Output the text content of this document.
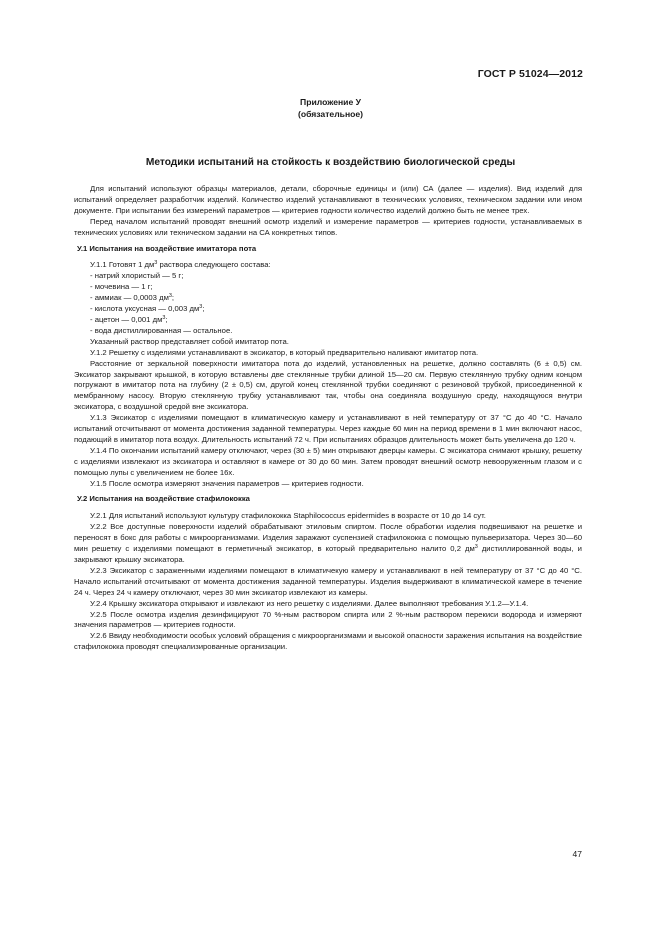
ГОСТ Р 51024—2012
Приложение У
(обязательное)
Методики испытаний на стойкость к воздействию биологической среды

Для испытаний используют образцы материалов, детали, сборочные единицы и (или) СА (далее — изделия). Вид изделий для испытаний определяет разработчик изделий. Количество изделий устанавливают в технических условиях, техническом задании или ином документе. При испытании без измерений параметров — критериев годности количество изделий должно быть не менее трех.

Перед началом испытаний проводят внешний осмотр изделий и измерение параметров — критериев годности, устанавливаемых в технических условиях или техническом задании на СА конкретных типов.

У.1 Испытания на воздействие имитатора пота

У.1.1 Готовят 1 $дм^3$ раствора следующего состава:

- натрий хлористый — 5 г;

- мочевина — 1 г;

- аммиак — 0,0003 $дм^3$;

- кислота уксусная — 0,003 $дм^3$;

- ацетон — 0,001 $дм^3$;

- вода дистиллированная — остальное.

Указанный раствор представляет собой имитатор пота.

У.1.2 Решетку с изделиями устанавливают в эксикатор, в который предварительно наливают имитатор пота.

Расстояние от зеркальной поверхности имитатора пота до изделий, установленных на решетке, должно составлять (6 ± 0,5) см. Эксикатор закрывают крышкой, в которую вставлены две стеклянные трубки длиной 15—20 см. Первую стеклянную трубку одним концом погружают в имитатор пота на глубину (2 ± 0,5) см, другой конец стеклянной трубки соединяют с резиновой трубкой, присоединенной к мембранному насосу. Вторую стеклянную трубку устанавливают так, чтобы она соединяла воздушную среду, находящуюся внутри эксикатора, с воздушной средой вне эксикатора.

У.1.3 Эксикатор с изделиями помещают в климатическую камеру и устанавливают в ней температуру от 37 °С до 40 °С. Начало испытаний отсчитывают от момента достижения заданной температуры. Через каждые 60 мин на период времени в 1 мин включают насос, подающий в имитатор пота воздух. Длительность испытаний 72 ч. При испытаниях образцов длительность может быть увеличена до 120 ч.

У.1.4 По окончании испытаний камеру отключают, через (30 ± 5) мин открывают дверцы камеры. С эксикатора снимают крышку, решетку с изделиями извлекают из эксикатора и оставляют в камере от 30 до 60 мин. Затем проводят внешний осмотр невооруженным глазом и с помощью лупы с увеличением не более 16х.

У.1.5 После осмотра измеряют значения параметров — критериев годности.

У.2 Испытания на воздействие стафилококка

У.2.1 Для испытаний используют культуру стафилококка Staphilococcus epidermides в возрасте от 10 до 14 сут.

У.2.2 Все доступные поверхности изделий обрабатывают этиловым спиртом. После обработки изделия подвешивают на решетке и переносят в бокс для работы с микроорганизмами. Изделия заражают суспензией стафилококка с помощью пульверизатора. Через 30—60 мин решетку с изделиями помещают в герметичный эксикатор, в который предварительно налито 0,2 $дм^3$ дистиллированной воды, и закрывают крышку эксикатора.

У.2.3 Эксикатор с зараженными изделиями помещают в климатичекую камеру и устанавливают в ней температуру от 37 °С до 40 °С. Начало испытаний отсчитывают от момента достижения заданной температуры. Изделия выдерживают в климатической камере в течение 24 ч. Через 24 ч камеру отключают, через 30 мин эксикатор извлекают из камеры.

У.2.4 Крышку эксикатора открывают и извлекают из него решетку с изделиями. Далее выполняют требования У.1.2—У.1.4.

У.2.5 После осмотра изделия дезинфицируют 70 %-ным раствором спирта или 2 %-ным раствором перекиси водорода и измеряют значения параметров — критериев годности.

У.2.6 Ввиду необходимости особых условий обращения с микроорганизмами и высокой опасности заражения испытания на воздействие стафилококка проводят специализированные организации.

47
